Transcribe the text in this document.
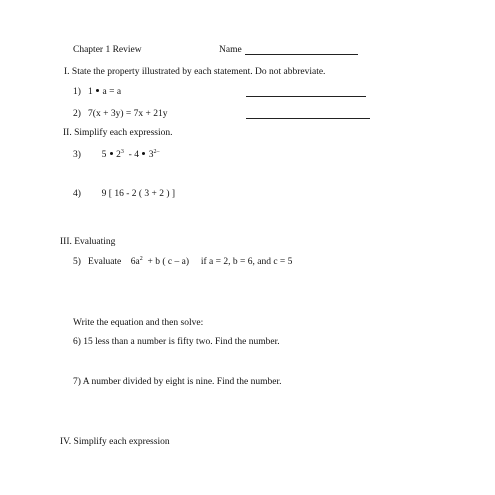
Chapter 1 Review	Name
I. State the property illustrated by each statement. Do not abbreviate.
1) 1 a = a
2) 7(x + 3y) = 7x + 21y
II. Simplify each expression.
3) 5  $2^3 - 4$ $3^{2-}$
4) 9 [ 16 - 2 ( 3 + 2 ) ]
III. Evaluating
5) Evaluate $6a^2 + b$ ( c – a) if a = 2, b = 6, and c = 5
Write the equation and then solve:
6) 15 less than a number is fifty two. Find the number.
7) A number divided by eight is nine. Find the number.
IV. Simplify each expression
